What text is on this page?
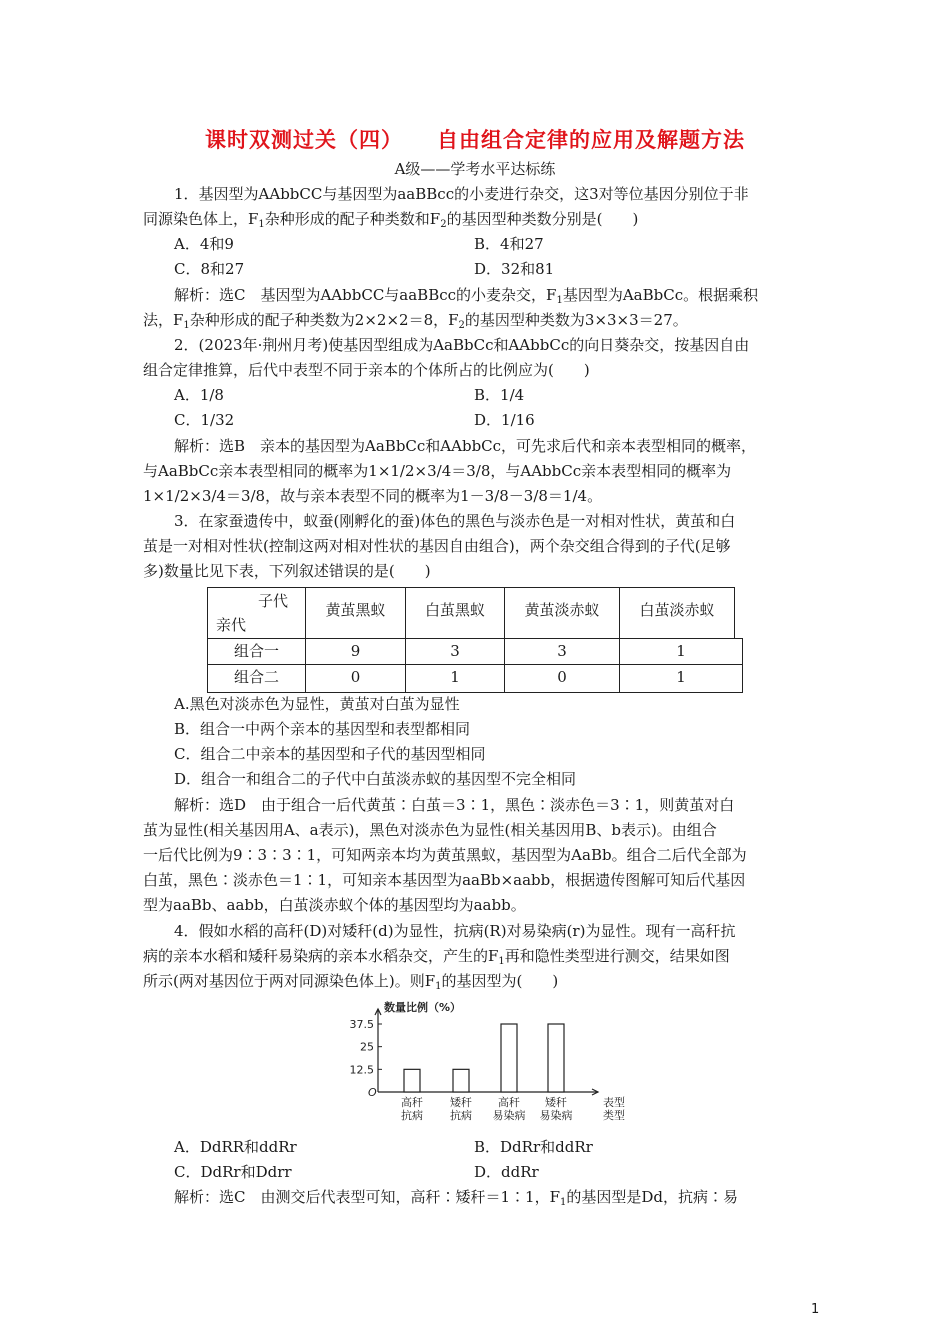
课时双测过关（四） 自由组合定律的应用及解题方法
A级——学考水平达标练
1．基因型为AAbbCC与基因型为aaBBcc的小麦进行杂交，这3对等位基因分别位于非
同源染色体上，$F_1$杂种形成的配子种类数和$F_2$的基因型种类数分别是(　　)
A．4和9	B．4和27
C．8和27	D．32和81
解析：选C　基因型为AAbbCC与aaBBcc的小麦杂交，$F_1$基因型为AaBbCc。根据乘积
法，$F_1$杂种形成的配子种类数为2×2×2＝8，$F_2$的基因型种类数为3×3×3＝27。
2．(2023年·荆州月考)使基因型组成为AaBbCc和AAbbCc的向日葵杂交，按基因自由
组合定律推算，后代中表型不同于亲本的个体所占的比例应为(　　)
A．1/8	B．1/4
C．1/32	D．1/16
解析：选B　亲本的基因型为AaBbCc和AAbbCc，可先求后代和亲本表型相同的概率，
与AaBbCc亲本表型相同的概率为1×1/2×3/4＝3/8，与AAbbCc亲本表型相同的概率为
1×1/2×3/4＝3/8，故与亲本表型不同的概率为1－3/8－3/8＝1/4。
3．在家蚕遗传中，蚁蚕(刚孵化的蚕)体色的黑色与淡赤色是一对相对性状，黄茧和白
茧是一对相对性状(控制这两对相对性状的基因自由组合)，两个杂交组合得到的子代(足够
多)数量比见下表，下列叙述错误的是(　　)
子代
亲代
黄茧黑蚁	白茧黑蚁	黄茧淡赤蚁	白茧淡赤蚁
组合一	9	3	3	1
组合二	0	1	0	1
A.黑色对淡赤色为显性，黄茧对白茧为显性
B．组合一中两个亲本的基因型和表型都相同
C．组合二中亲本的基因型和子代的基因型相同
D．组合一和组合二的子代中白茧淡赤蚁的基因型不完全相同
解析：选D　由于组合一后代黄茧∶白茧＝3∶1，黑色∶淡赤色＝3∶1，则黄茧对白
茧为显性(相关基因用A、a表示)，黑色对淡赤色为显性(相关基因用B、b表示)。由组合
一后代比例为9∶3∶3∶1，可知两亲本均为黄茧黑蚁，基因型为AaBb。组合二后代全部为
白茧，黑色∶淡赤色＝1∶1，可知亲本基因型为aaBb×aabb，根据遗传图解可知后代基因
型为aaBb、aabb，白茧淡赤蚁个体的基因型均为aabb。
4．假如水稻的高秆(D)对矮秆(d)为显性，抗病(R)对易染病(r)为显性。现有一高秆抗
病的亲本水稻和矮秆易染病的亲本水稻杂交，产生的$F_1$再和隐性类型进行测交，结果如图
所示(两对基因位于两对同源染色体上)。则$F_1$的基因型为(　　)
数量比例（%）
O
12.5
25
37.5
高秆
抗病
矮秆
抗病
高秆
易染病
矮秆
易染病
表型
类型
A．DdRR和ddRr	B．DdRr和ddRr
C．DdRr和Ddrr	D．ddRr
解析：选C　由测交后代表型可知，高秆∶矮秆＝1∶1，$F_1$的基因型是Dd，抗病∶易
1
